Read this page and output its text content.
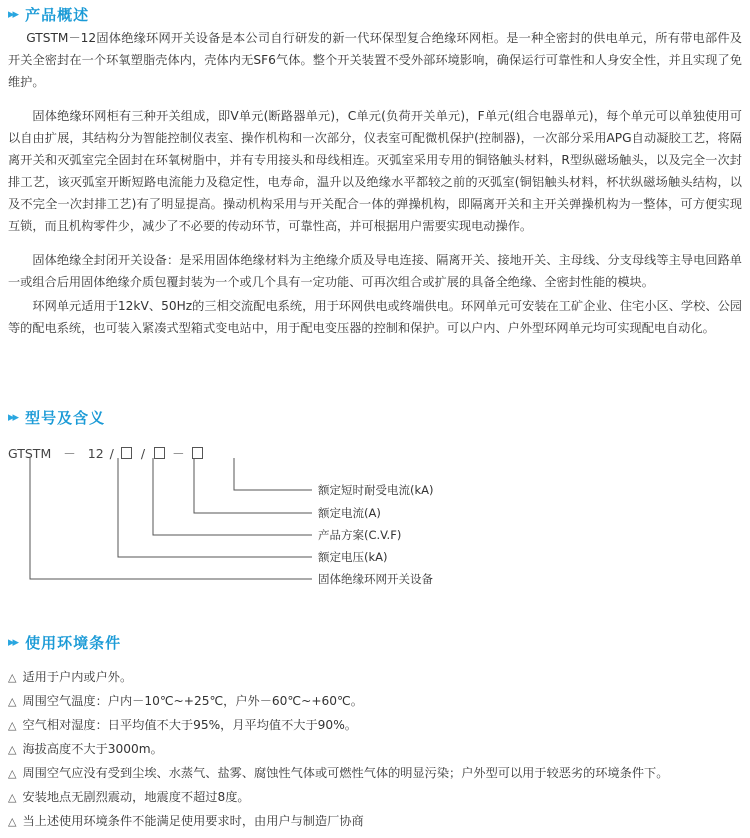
▸▸ 产品概述

GTSTM－12固体绝缘环网开关设备是本公司自行研发的新一代环保型复合绝缘环网柜。是一种全密封的供电单元，所有带电部件及开关全密封在一个环氧塑脂壳体内，壳体内无SF6气体。整个开关装置不受外部环境影响，确保运行可靠性和人身安全性，并且实现了免维护。

固体绝缘环网柜有三种开关组成，即V单元(断路器单元)，C单元(负荷开关单元)，F单元(组合电器单元)，每个单元可以单独使用可以自由扩展，其结构分为智能控制仪表室、操作机构和一次部分，仪表室可配微机保护(控制器)，一次部分采用APG自动凝胶工艺，将隔离开关和灭弧室完全固封在环氧树脂中，并有专用接头和母线相连。灭弧室采用专用的铜铬触头材料，R型纵磁场触头，以及完全一次封排工艺，该灭弧室开断短路电流能力及稳定性，电寿命，温升以及绝缘水平都较之前的灭弧室(铜铝触头材料，杯状纵磁场触头结构，以及不完全一次封排工艺)有了明显提高。操动机构采用与开关配合一体的弹操机构，即隔离开关和主开关弹操机构为一整体，可方便实现互锁，而且机构零件少，减少了不必要的传动环节，可靠性高，并可根据用户需要实现电动操作。

固体绝缘全封闭开关设备：是采用固体绝缘材料为主绝缘介质及导电连接、隔离开关、接地开关、主母线、分支母线等主导电回路单一或组合后用固体绝缘介质包覆封装为一个或几个具有一定功能、可再次组合或扩展的具备全绝缘、全密封性能的模块。

环网单元适用于12kV、50Hz的三相交流配电系统，用于环网供电或终端供电。环网单元可安装在工矿企业、住宅小区、学校、公园等的配电系统，也可装入紧凑式型箱式变电站中，用于配电变压器的控制和保护。可以户内、户外型环网单元均可实现配电自动化。

▸▸ 型号及含义
GTSTM － 12 / / －
额定短时耐受电流(kA)
额定电流(A)
产品方案(C.V.F)
额定电压(kA)
固体绝缘环网开关设备
▸▸ 使用环境条件
△ 适用于户内或户外。
△ 周围空气温度：户内－10℃~+25℃，户外－60℃~+60℃。
△ 空气相对湿度：日平均值不大于95%，月平均值不大于90%。
△ 海拔高度不大于3000m。
△ 周围空气应没有受到尘埃、水蒸气、盐雾、腐蚀性气体或可燃性气体的明显污染；户外型可以用于较恶劣的环境条件下。
△ 安装地点无剧烈震动，地震度不超过8度。
△ 当上述使用环境条件不能满足使用要求时，由用户与制造厂协商
